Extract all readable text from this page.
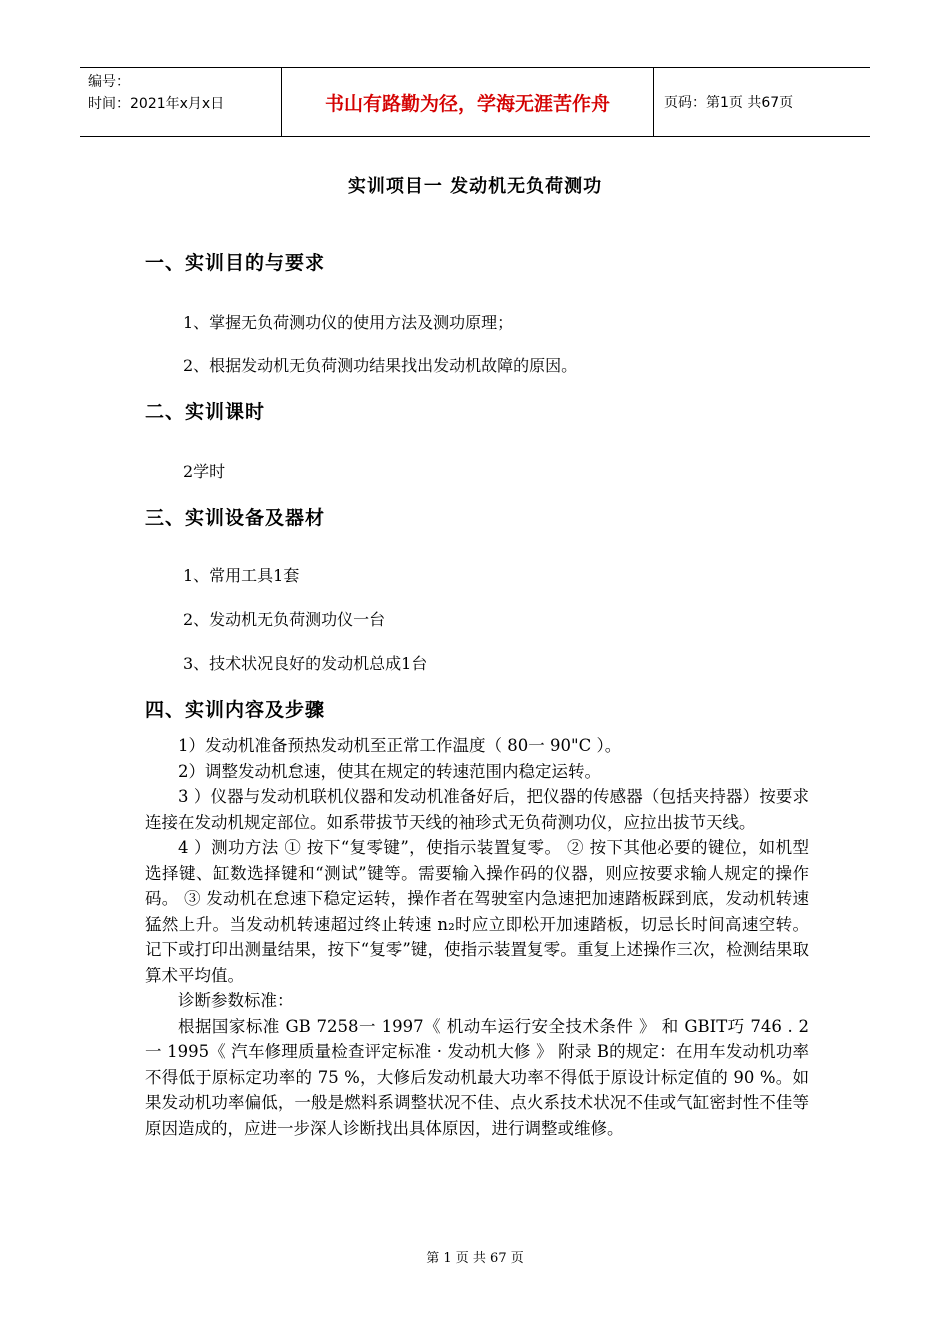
编号：
时间：2021年x月x日	书山有路勤为径，学海无涯苦作舟	页码：第1页 共67页
实训项目一 发动机无负荷测功
一、实训目的与要求
1、掌握无负荷测功仪的使用方法及测功原理；
2、根据发动机无负荷测功结果找出发动机故障的原因。
二、实训课时
2学时
三、实训设备及器材
1、常用工具1套
2、发动机无负荷测功仪一台
3、技术状况良好的发动机总成1台
四、实训内容及步骤

1）发动机准备预热发动机至正常工作温度（ 80一 90"C ）。

2）调整发动机怠速，使其在规定的转速范围内稳定运转。

3 ）仪器与发动机联机仪器和发动机准备好后，把仪器的传感器（包括夹持器）按要求连接在发动机规定部位。如系带拔节天线的袖珍式无负荷测功仪，应拉出拔节天线。

4 ）测功方法 ① 按下“复零键”，使指示装置复零。 ② 按下其他必要的键位，如机型选择键、缸数选择键和“测试”键等。需要输入操作码的仪器，则应按要求输人规定的操作码。 ③ 发动机在怠速下稳定运转，操作者在驾驶室内急速把加速踏板踩到底，发动机转速猛然上升。当发动机转速超过终止转速 n₂时应立即松开加速踏板，切忌长时间高速空转。记下或打印出测量结果，按下“复零”键，使指示装置复零。重复上述操作三次，检测结果取算术平均值。

诊断参数标准：

根据国家标准 GB 7258一 1997《 机动车运行安全技术条件 》 和 GBIT巧 746 . 2一 1995《 汽车修理质量检查评定标准 · 发动机大修 》 附录 B的规定：在用车发动机功率不得低于原标定功率的 75 %，大修后发动机最大功率不得低于原设计标定值的 90 %。如果发动机功率偏低，一般是燃料系调整状况不佳、点火系技术状况不佳或气缸密封性不佳等原因造成的，应进一步深人诊断找出具体原因，进行调整或维修。

第 1 页 共 67 页
